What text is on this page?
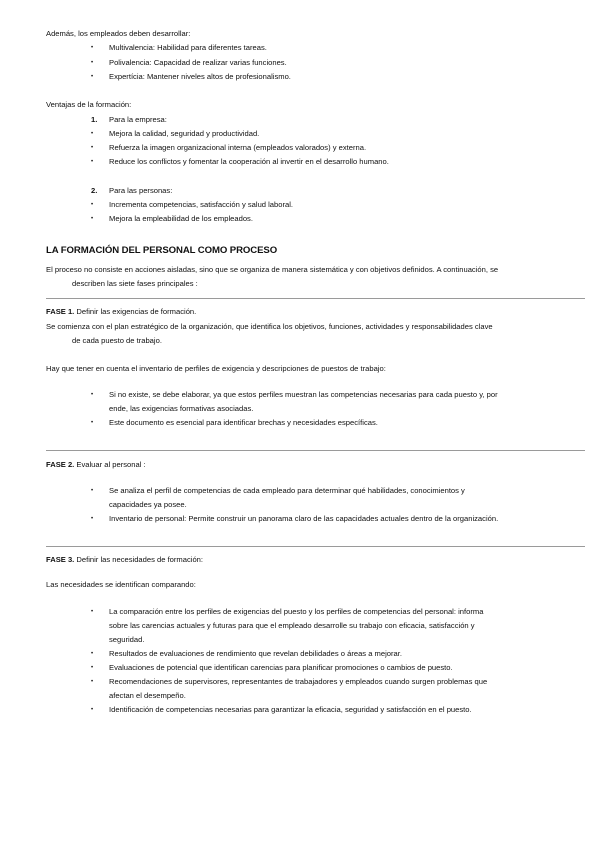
Además, los empleados deben desarrollar:
• Multivalencia: Habilidad para diferentes tareas.
• Polivalencia: Capacidad de realizar varias funciones.
• Expertícia: Mantener niveles altos de profesionalismo.
Ventajas de la formación:
1. Para la empresa:
• Mejora la calidad, seguridad y productividad.
• Refuerza la imagen organizacional interna (empleados valorados) y externa.
• Reduce los conflictos y fomentar la cooperación al invertir en el desarrollo humano.
2. Para las personas:
• Incrementa competencias, satisfacción y salud laboral.
• Mejora la empleabilidad de los empleados.
LA FORMACIÓN DEL PERSONAL COMO PROCESO
El proceso no consiste en acciones aisladas, sino que se organiza de manera sistemática y con objetivos definidos. A continuación, se
describen las siete fases principales :
FASE 1. Definir las exigencias de formación.
Se comienza con el plan estratégico de la organización, que identifica los objetivos, funciones, actividades y responsabilidades clave
de cada puesto de trabajo.
Hay que tener en cuenta el inventario de perfiles de exigencia y descripciones de puestos de trabajo:
• Si no existe, se debe elaborar, ya que estos perfiles muestran las competencias necesarias para cada puesto y, por
ende, las exigencias formativas asociadas.
• Este documento es esencial para identificar brechas y necesidades específicas.
FASE 2. Evaluar al personal :
• Se analiza el perfil de competencias de cada empleado para determinar qué habilidades, conocimientos y
capacidades ya posee.
• Inventario de personal: Permite construir un panorama claro de las capacidades actuales dentro de la organización.
FASE 3. Definir las necesidades de formación:
Las necesidades se identifican comparando:
• La comparación entre los perfiles de exigencias del puesto y los perfiles de competencias del personal: informa
sobre las carencias actuales y futuras para que el empleado desarrolle su trabajo con eficacia, satisfacción y
seguridad.
• Resultados de evaluaciones de rendimiento que revelan debilidades o áreas a mejorar.
• Evaluaciones de potencial que identifican carencias para planificar promociones o cambios de puesto.
• Recomendaciones de supervisores, representantes de trabajadores y empleados cuando surgen problemas que
afectan el desempeño.
• Identificación de competencias necesarias para garantizar la eficacia, seguridad y satisfacción en el puesto.
